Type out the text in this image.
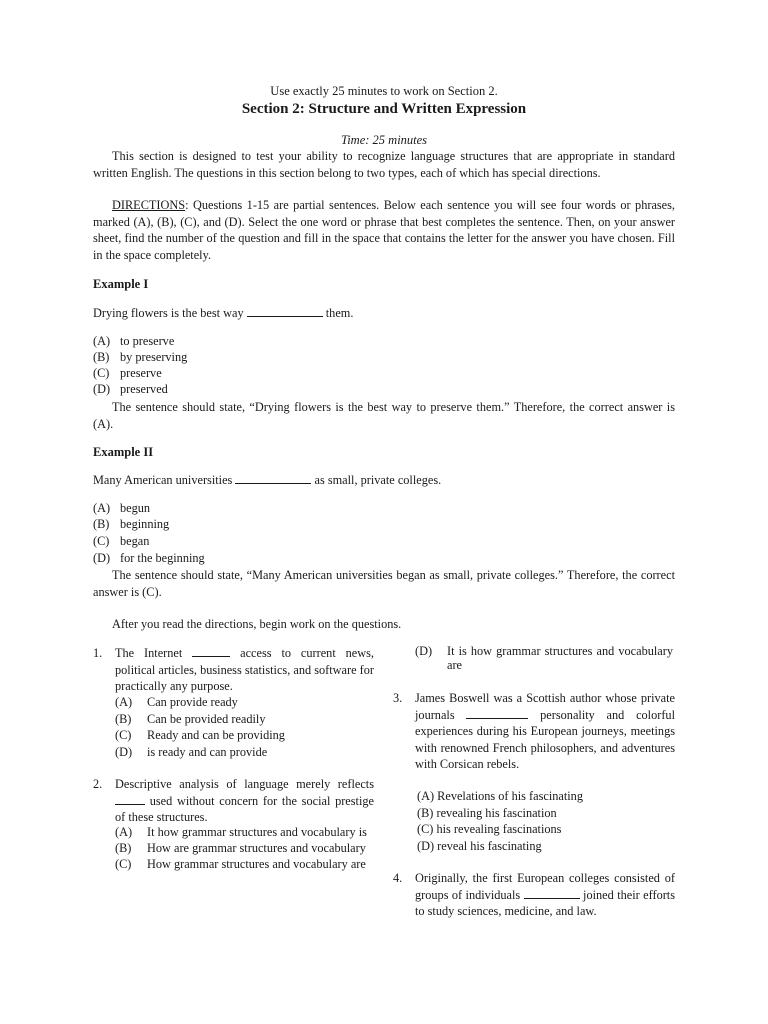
Use exactly 25 minutes to work on Section 2.
Section 2: Structure and Written Expression
Time: 25 minutes
This section is designed to test your ability to recognize language structures that are appropriate in standard written English. The questions in this section belong to two types, each of which has special directions.
DIRECTIONS: Questions 1-15 are partial sentences. Below each sentence you will see four words or phrases, marked (A), (B), (C), and (D). Select the one word or phrase that best completes the sentence. Then, on your answer sheet, find the number of the question and fill in the space that contains the letter for the answer you have chosen. Fill in the space completely.
Example I
Drying flowers is the best way	them.
(A) to preserve
(B) by preserving
(C) preserve
(D) preserved
The sentence should state, “Drying flowers is the best way to preserve them.” Therefore, the correct answer is (A).
Example II
Many American universities	as small, private colleges.
(A) begun
(B) beginning
(C) began
(D) for the beginning
The sentence should state, “Many American universities began as small, private colleges.” Therefore, the correct answer is (C).
After you read the directions, begin work on the questions.
1. The Internet	access to current news, political articles, business statistics, and software for practically any purpose.
(A) Can provide ready
(B) Can be provided readily
(C) Ready and can be providing
(D) is ready and can provide
2. Descriptive analysis of language merely reflects  used without concern for the social prestige of these structures.
(A) It how grammar structures and vocabulary is
(B) How are grammar structures and vocabulary
(C) How grammar structures and vocabulary are
(D) It is how grammar structures and vocabulary are
3. James Boswell was a Scottish author whose private journals	personality and colorful experiences during his European journeys, meetings with renowned French philosophers, and adventures with Corsican rebels.
(A) Revelations of his fascinating
(B) revealing his fascination
(C) his revealing fascinations
(D) reveal his fascinating
4. Originally, the first European colleges consisted of groups of individuals	joined their efforts to study sciences, medicine, and law.
